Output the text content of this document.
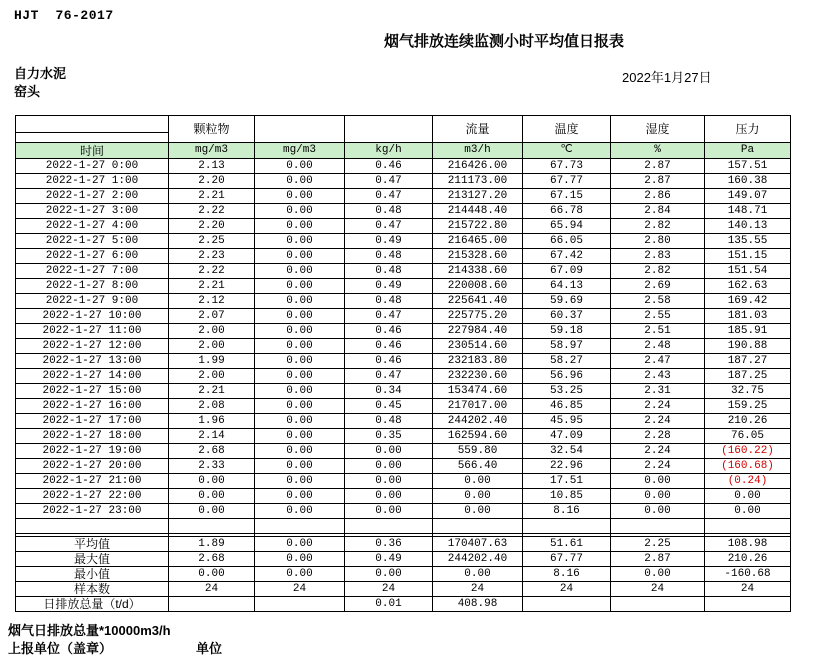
HJT  76-2017
烟气排放连续监测小时平均值日报表
自力水泥
窑头
2022年1月27日
	颗粒物			流量	温度	湿度	压力

时间	mg/m3	mg/m3	kg/h	m3/h	℃	%	Pa
2022-1-27 0:00	2.13	0.00	0.46	216426.00	67.73	2.87	157.51
2022-1-27 1:00	2.20	0.00	0.47	211173.00	67.77	2.87	160.38
2022-1-27 2:00	2.21	0.00	0.47	213127.20	67.15	2.86	149.07
2022-1-27 3:00	2.22	0.00	0.48	214448.40	66.78	2.84	148.71
2022-1-27 4:00	2.20	0.00	0.47	215722.80	65.94	2.82	140.13
2022-1-27 5:00	2.25	0.00	0.49	216465.00	66.05	2.80	135.55
2022-1-27 6:00	2.23	0.00	0.48	215328.60	67.42	2.83	151.15
2022-1-27 7:00	2.22	0.00	0.48	214338.60	67.09	2.82	151.54
2022-1-27 8:00	2.21	0.00	0.49	220008.60	64.13	2.69	162.63
2022-1-27 9:00	2.12	0.00	0.48	225641.40	59.69	2.58	169.42
2022-1-27 10:00	2.07	0.00	0.47	225775.20	60.37	2.55	181.03
2022-1-27 11:00	2.00	0.00	0.46	227984.40	59.18	2.51	185.91
2022-1-27 12:00	2.00	0.00	0.46	230514.60	58.97	2.48	190.88
2022-1-27 13:00	1.99	0.00	0.46	232183.80	58.27	2.47	187.27
2022-1-27 14:00	2.00	0.00	0.47	232230.60	56.96	2.43	187.25
2022-1-27 15:00	2.21	0.00	0.34	153474.60	53.25	2.31	32.75
2022-1-27 16:00	2.08	0.00	0.45	217017.00	46.85	2.24	159.25
2022-1-27 17:00	1.96	0.00	0.48	244202.40	45.95	2.24	210.26
2022-1-27 18:00	2.14	0.00	0.35	162594.60	47.09	2.28	76.05
2022-1-27 19:00	2.68	0.00	0.00	559.80	32.54	2.24	(160.22)
2022-1-27 20:00	2.33	0.00	0.00	566.40	22.96	2.24	(160.68)
2022-1-27 21:00	0.00	0.00	0.00	0.00	17.51	0.00	(0.24)
2022-1-27 22:00	0.00	0.00	0.00	0.00	10.85	0.00	0.00
2022-1-27 23:00	0.00	0.00	0.00	0.00	8.16	0.00	0.00

平均值	1.89	0.00	0.36	170407.63	51.61	2.25	108.98
最大值	2.68	0.00	0.49	244202.40	67.77	2.87	210.26
最小值	0.00	0.00	0.00	0.00	8.16	0.00	-160.68
样本数	24	24	24	24	24	24	24
日排放总量（t/d）			0.01	408.98			
烟气日排放总量*10000m3/h
上报单位（盖章）	单位
